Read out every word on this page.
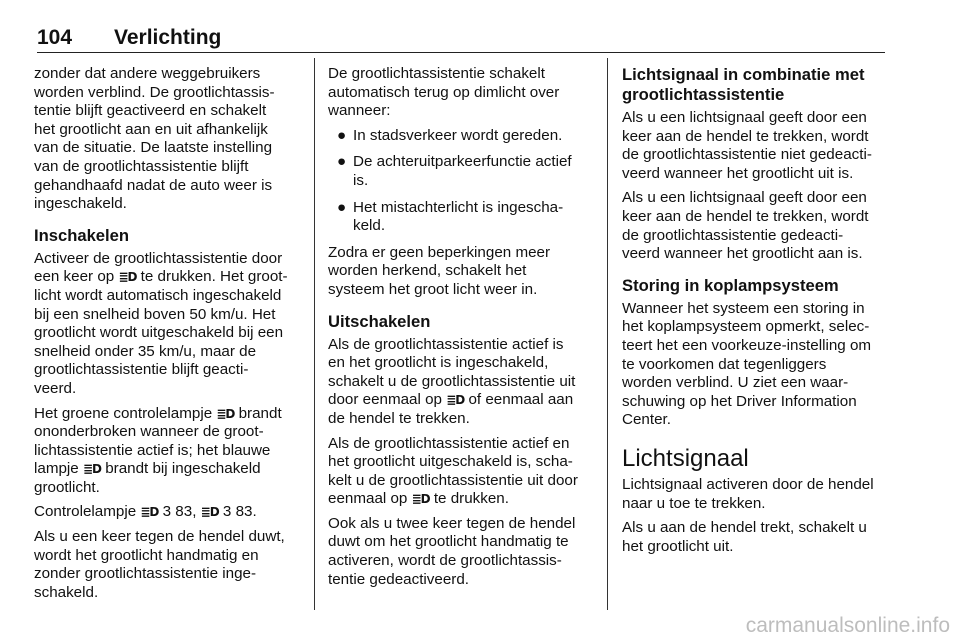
104 Verlichting

zonder dat andere weggebruikers
worden verblind. De grootlichtassis-
tentie blijft geactiveerd en schakelt
het grootlicht aan en uit afhankelijk
van de situatie. De laatste instelling
van de grootlichtassistentie blijft
gehandhaafd nadat de auto weer is
ingeschakeld.

Inschakelen

Activeer de grootlichtassistentie door
een keer op ≣D te drukken. Het groot-
licht wordt automatisch ingeschakeld
bij een snelheid boven 50 km/u. Het
grootlicht wordt uitgeschakeld bij een
snelheid onder 35 km/u, maar de
grootlichtassistentie blijft geacti-
veerd.

Het groene controlelampje ≣D brandt
ononderbroken wanneer de groot-
lichtassistentie actief is; het blauwe
lampje ≣D brandt bij ingeschakeld
grootlicht.

Controlelampje ≣D 3 83, ≣D 3 83.

Als u een keer tegen de hendel duwt,
wordt het grootlicht handmatig en
zonder grootlichtassistentie inge-
schakeld.

De grootlichtassistentie schakelt
automatisch terug op dimlicht over
wanneer:

● In stadsverkeer wordt gereden.
● De achteruitparkeerfunctie actief
is.
● Het mistachterlicht is ingescha-
keld.

Zodra er geen beperkingen meer
worden herkend, schakelt het
systeem het groot licht weer in.

Uitschakelen

Als de grootlichtassistentie actief is
en het grootlicht is ingeschakeld,
schakelt u de grootlichtassistentie uit
door eenmaal op ≣D of eenmaal aan
de hendel te trekken.

Als de grootlichtassistentie actief en
het grootlicht uitgeschakeld is, scha-
kelt u de grootlichtassistentie uit door
eenmaal op ≣D te drukken.

Ook als u twee keer tegen de hendel
duwt om het grootlicht handmatig te
activeren, wordt de grootlichtassis-
tentie gedeactiveerd.

Lichtsignaal in combinatie met
grootlichtassistentie

Als u een lichtsignaal geeft door een
keer aan de hendel te trekken, wordt
de grootlichtassistentie niet gedeacti-
veerd wanneer het grootlicht uit is.

Als u een lichtsignaal geeft door een
keer aan de hendel te trekken, wordt
de grootlichtassistentie gedeacti-
veerd wanneer het grootlicht aan is.

Storing in koplampsysteem

Wanneer het systeem een storing in
het koplampsysteem opmerkt, selec-
teert het een voorkeuze-instelling om
te voorkomen dat tegenliggers
worden verblind. U ziet een waar-
schuwing op het Driver Information
Center.

Lichtsignaal

Lichtsignaal activeren door de hendel
naar u toe te trekken.

Als u aan de hendel trekt, schakelt u
het grootlicht uit.

carmanualsonline.info
